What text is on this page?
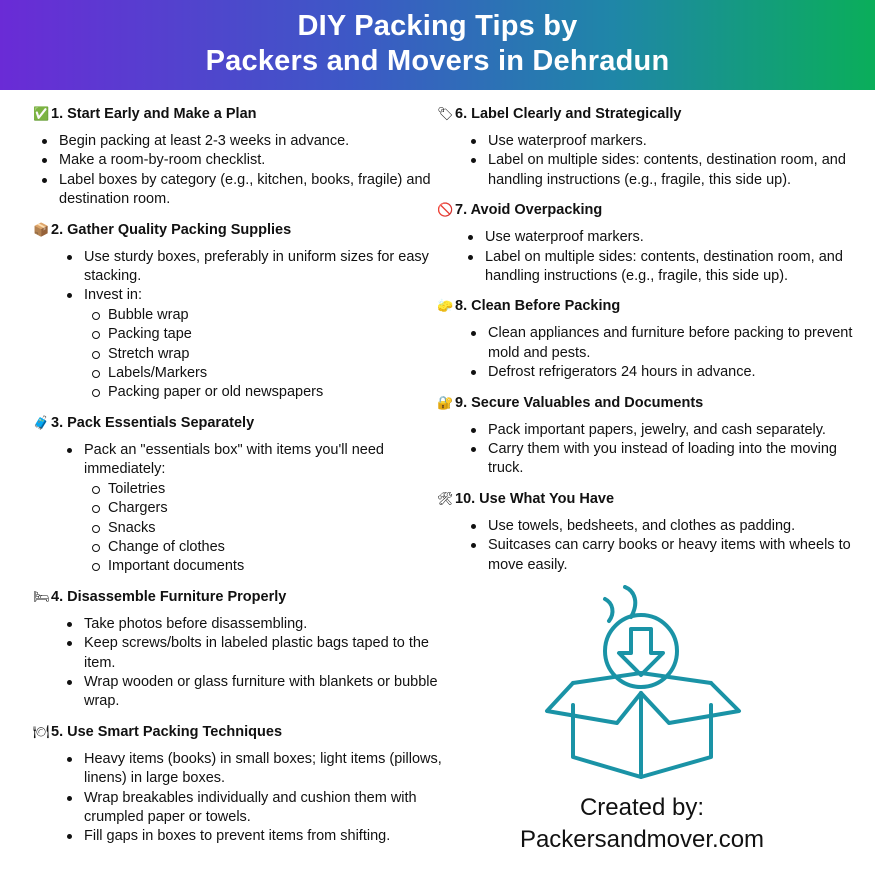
DIY Packing Tips by
Packers and Movers in Dehradun
✅ 1. Start Early and Make a Plan
Begin packing at least 2-3 weeks in advance.
Make a room-by-room checklist.
Label boxes by category (e.g., kitchen, books, fragile) and destination room.
📦 2. Gather Quality Packing Supplies
Use sturdy boxes, preferably in uniform sizes for easy stacking.
Invest in:
Bubble wrap
Packing tape
Stretch wrap
Labels/Markers
Packing paper or old newspapers
🧳 3. Pack Essentials Separately
Pack an "essentials box" with items you'll need immediately:
Toiletries
Chargers
Snacks
Change of clothes
Important documents
🛏4. Disassemble Furniture Properly
Take photos before disassembling.
Keep screws/bolts in labeled plastic bags taped to the item.
Wrap wooden or glass furniture with blankets or bubble wrap.
🍽5. Use Smart Packing Techniques
Heavy items (books) in small boxes; light items (pillows, linens) in large boxes.
Wrap breakables individually and cushion them with crumpled paper or towels.
Fill gaps in boxes to prevent items from shifting.
🏷6. Label Clearly and Strategically
Use waterproof markers.
Label on multiple sides: contents, destination room, and handling instructions (e.g., fragile, this side up).
🚫 7. Avoid Overpacking
Use waterproof markers.
Label on multiple sides: contents, destination room, and handling instructions (e.g., fragile, this side up).
🧽 8. Clean Before Packing
Clean appliances and furniture before packing to prevent mold and pests.
Defrost refrigerators 24 hours in advance.
🔐 9. Secure Valuables and Documents
Pack important papers, jewelry, and cash separately.
Carry them with you instead of loading into the moving truck.
🛠10. Use What You Have
Use towels, bedsheets, and clothes as padding.
Suitcases can carry books or heavy items with wheels to move easily.
Created by:
Packersandmover.com
